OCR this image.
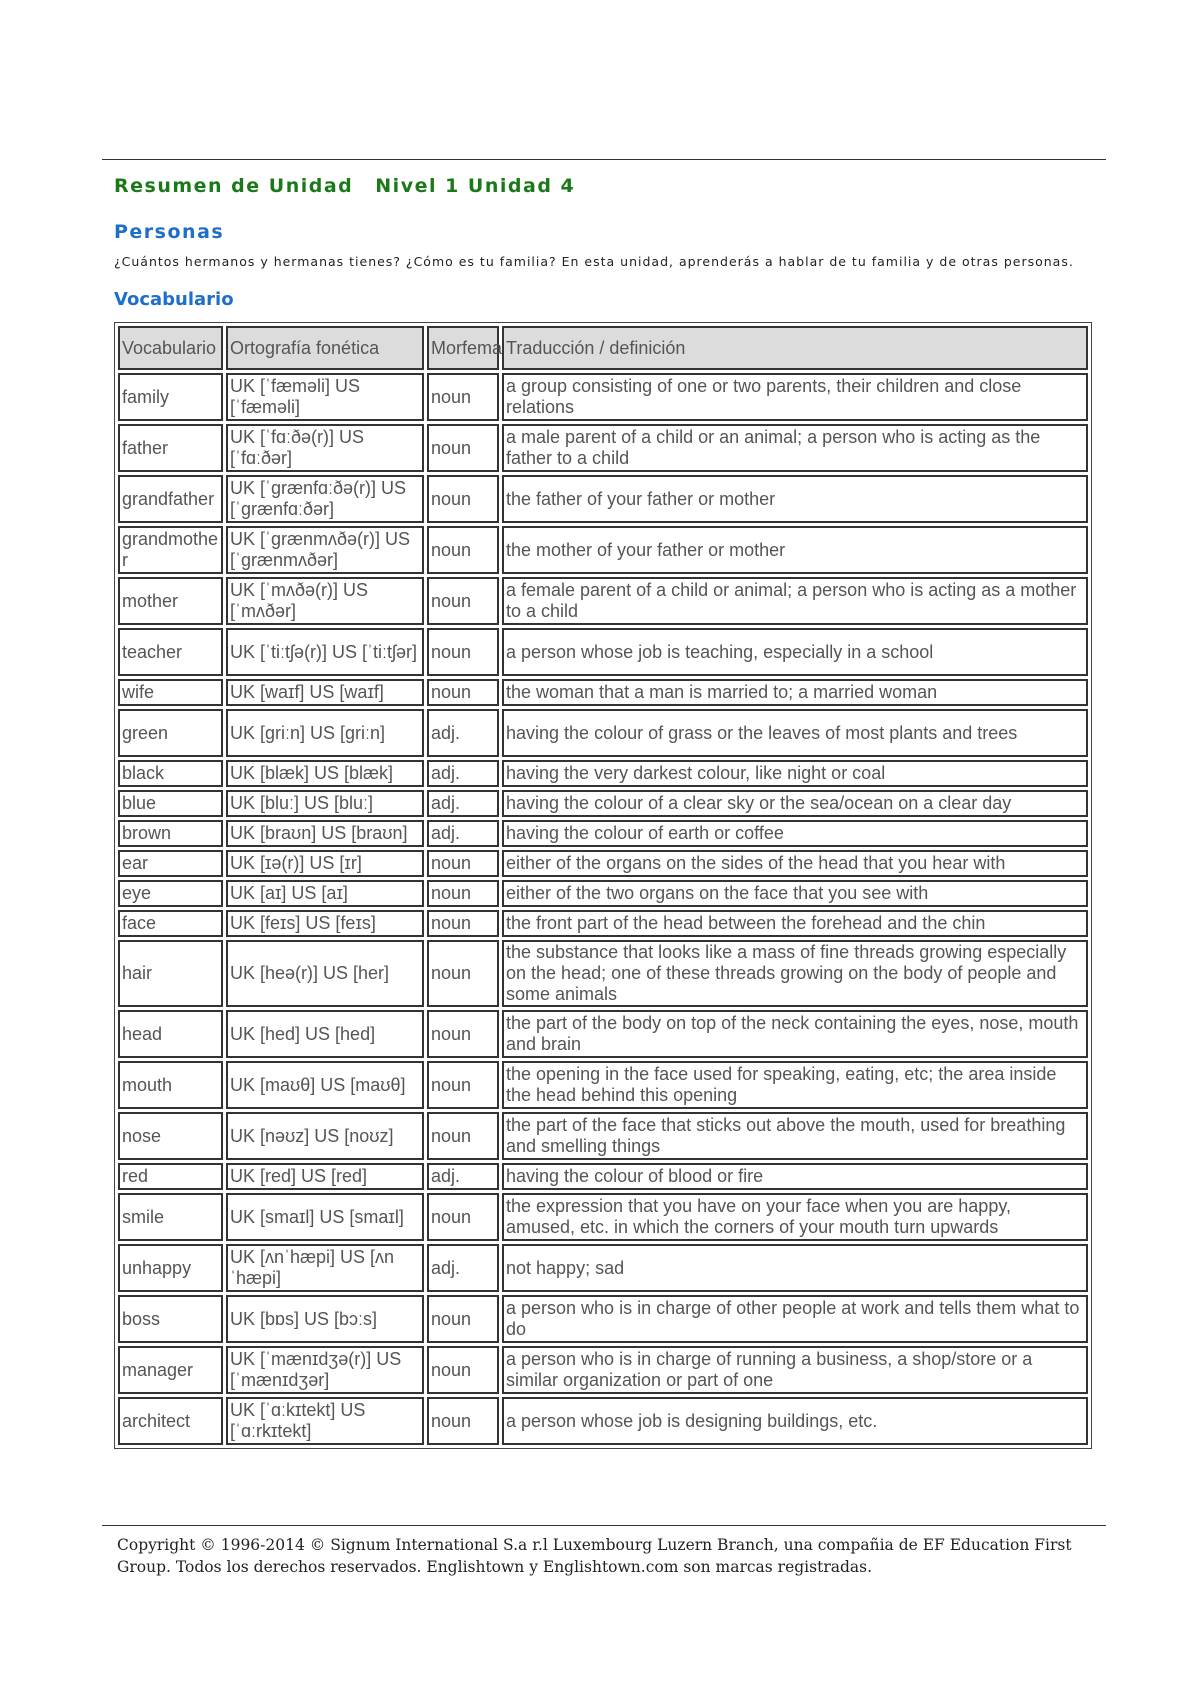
Resumen de Unidad Nivel 1 Unidad 4
Personas
¿Cuántos hermanos y hermanas tienes? ¿Cómo es tu familia? En esta unidad, aprenderás a hablar de tu familia y de otras personas.
Vocabulario
Vocabulario	Ortografía fonética	Morfema	Traducción / definición
family	UK [ˈfæməli] US [ˈfæməli]	noun	a group consisting of one or two parents, their children and close relations
father	UK [ˈfɑːðə(r)] US [ˈfɑːðər]	noun	a male parent of a child or an animal; a person who is acting as the father to a child
grandfather	UK [ˈgrænfɑːðə(r)] US [ˈgrænfɑːðər]	noun	the father of your father or mother
grandmother	UK [ˈgrænmʌðə(r)] US [ˈgrænmʌðər]	noun	the mother of your father or mother
mother	UK [ˈmʌðə(r)] US [ˈmʌðər]	noun	a female parent of a child or animal; a person who is acting as a mother to a child
teacher	UK [ˈtiːtʃə(r)] US [ˈtiːtʃər]	noun	a person whose job is teaching, especially in a school
wife	UK [waɪf] US [waɪf]	noun	the woman that a man is married to; a married woman
green	UK [griːn] US [griːn]	adj.	having the colour of grass or the leaves of most plants and trees
black	UK [blæk] US [blæk]	adj.	having the very darkest colour, like night or coal
blue	UK [bluː] US [bluː]	adj.	having the colour of a clear sky or the sea/ocean on a clear day
brown	UK [braʊn] US [braʊn]	adj.	having the colour of earth or coffee
ear	UK [ɪə(r)] US [ɪr]	noun	either of the organs on the sides of the head that you hear with
eye	UK [aɪ] US [aɪ]	noun	either of the two organs on the face that you see with
face	UK [feɪs] US [feɪs]	noun	the front part of the head between the forehead and the chin
hair	UK [heə(r)] US [her]	noun	the substance that looks like a mass of fine threads growing especially on the head; one of these threads growing on the body of people and some animals
head	UK [hed] US [hed]	noun	the part of the body on top of the neck containing the eyes, nose, mouth and brain
mouth	UK [maʊθ] US [maʊθ]	noun	the opening in the face used for speaking, eating, etc; the area inside the head behind this opening
nose	UK [nəʊz] US [noʊz]	noun	the part of the face that sticks out above the mouth, used for breathing and smelling things
red	UK [red] US [red]	adj.	having the colour of blood or fire
smile	UK [smaɪl] US [smaɪl]	noun	the expression that you have on your face when you are happy, amused, etc. in which the corners of your mouth turn upwards
unhappy	UK [ʌnˈhæpi] US [ʌnˈhæpi]	adj.	not happy; sad
boss	UK [bɒs] US [bɔːs]	noun	a person who is in charge of other people at work and tells them what to do
manager	UK [ˈmænɪdʒə(r)] US [ˈmænɪdʒər]	noun	a person who is in charge of running a business, a shop/store or a similar organization or part of one
architect	UK [ˈɑːkɪtekt] US [ˈɑːrkɪtekt]	noun	a person whose job is designing buildings, etc.
Copyright © 1996-2014 © Signum International S.a r.l Luxembourg Luzern Branch, una compañia de EF Education First Group. Todos los derechos reservados. Englishtown y Englishtown.com son marcas registradas.
